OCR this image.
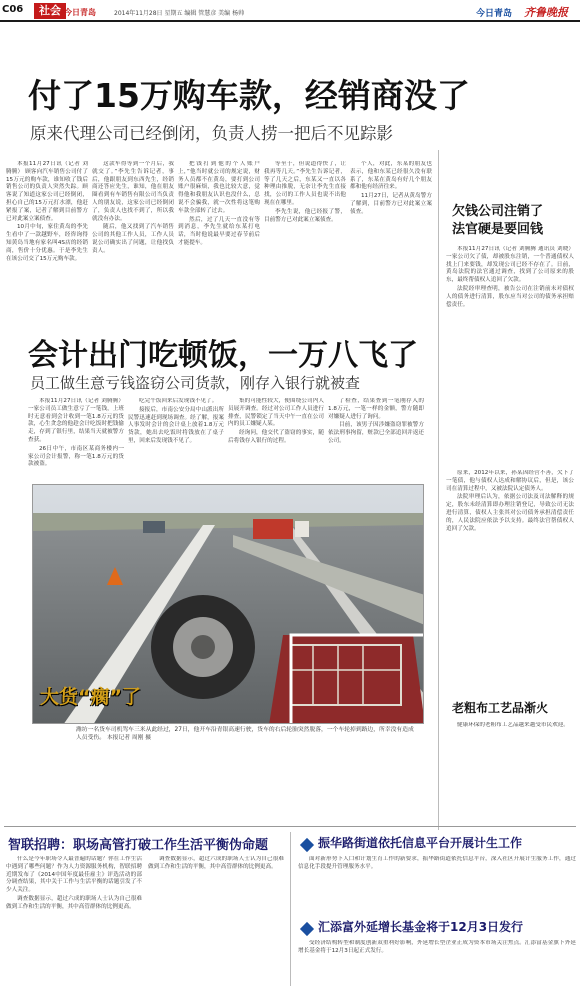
C06	社会 今日青岛	2014年11月28日 星期五 编辑 管慧彦 美编 杨帅	今日青岛 齐鲁晚报
付了15万购车款，经销商没了
原来代理公司已经倒闭，负责人捞一把后不见踪影

本报11月27日讯（记者 刘腾腾） 顾客向汽车销售公司付了15万元的购车款，谁知收了钱后销售公司的负责人突然失踪。顾客说了知道这家公司已经倒闭，担心自己的15万元打水漂，他赶紧报了案，记者了解到目前警方已对此案立案侦查。

10月中旬，家住黄岛的李先生看中了一款越野车，经咨询得知黄岛当地有家名叫4S店的经销商，售价十分优惠。于是李先生在该公司交了15万元购车款。

这款车得等到一个月后，我就交了。”李先生告诉记者，事后，他跟朋友到东西先生，经销商还答应先生，谁知，他在朋友圈看到有车销售有限公司当负责人的朋友说，这家公司已经倒闭了，负责人也找不到了，所以我就没有办法。

随后，他又找到了汽车销售公司的其他工作人员，工作人员说公司确实出了问题，让他找负责人。

把钱打到他的个人账户上，”他当时就公司的规定说，财务人员都不在黄岛，要打到公司账户很麻烦，我也比较大意，觉得他和我朋友认识也没什么，总说不会骗我，就一次性将这笔购车款全部转了过去。

然后，过了几天一直没有等到消息，李先生就给东某打电话，当时他说最早要过春节前后才能提车。

等至于，但说道得快了，让我再等几天。”李先生告诉记者，等了几天之后，东某又一直以各种理由推脱，无奈让李先生直接找，公司的工作人员也说不出他现在在哪里。

李先生说，他已经报了警，目前警方已对此案立案侦查。

个人，对此，东某的朋友也表示，他和东某已经很久没有联系了，东某在黄岛有好几个朋友都和他有经济往来。

11月27日，记者从黄岛警方了解到，目前警方已对此案立案侦查。	欠钱公司注销了
法官硬是要回钱

本报11月27日讯（记者 刘腾腾 通讯员 刘晓） 一家公司欠了债，却被股东注销，一个普通债权人找上门来要钱，却发现公司已经不存在了。日前，黄岛法院的法官通过调查，找到了公司原来的股东，最终帮债权人追回了欠款。

法院经审理查明，被告公司在注销前未对债权人的债务进行清算，股东应当对公司的债务承担赔偿责任。

会计出门吃顿饭，一万八飞了
员工做生意亏钱盗窃公司货款，刚存入银行就被查

本报11月27日讯（记者 刘腾腾） 一家公司员工做生意亏了一笔钱，上班时无意看到会计收到一笔1.8万元的货款，心生贪念的他趁会计吃饭时把钱偷走，存到了银行里，结果当天就被警方查获。

26日中午，市南区某商务楼内一家公司会计报警，称一笔1.8万元的货款被盗。

吃完午饭回来后发现钱不见了。

接报后，市南公安分局中山派出所民警迅速赶到现场调查。经了解，报案人事发时会计的会计桌上放着1.8万元货款，她出去吃饭时将钱放在了桌子里，回来后发现钱不见了。

集的可能性较大，便围绕公司内人员展开调查。经过对公司工作人员进行排查，民警锁定了当天中午一直在公司内的员工嫌疑人某。

经询问，他交代了盗窃的事实，随后将钱存入银行的过程。

了检查，结果查到一笔刚存入的1.8万元，一笔一样的金额，警方随即对嫌疑人进行了询问。

目前，该男子因涉嫌盗窃罪被警方依法刑事拘留，赃款已全部追回并返还公司。

原来，2012年以来，孙某因经营不善，欠下了一笔债，他与债权人达成和解协议后，但是，该公司在清算过程中，又被法院认定债务人。

法院审理后认为，依据公司法及司法解释的规定，股东未经清算即办理注销登记，导致公司无法进行清算，债权人主张其对公司债务承担清偿责任的，人民法院应依法予以支持。最终法官帮债权人追回了欠款。

老粗布工艺品渐火

健康环保的老粗布工艺品越来越受市民欢迎。

大货“瘸”了
潍坊一名货车司机驾车三米从此经过，27日，他开车沿青银高速行驶，货车的右后轮胎突然脱落，一个车轮掉到路边，所幸没有造成人员受伤。 本报记者 周刚 摄
智联招聘：职场高管打破工作生活平衡伪命题

什么是今年职场令人最普遍的话题？你在工作生活中遇到了哪些问题？作为人力资源服务机构，智联招聘近期发布了《2014中国年度最佳雇主》评选活动的部分调查结果，其中关于工作与生活平衡的话题引发了不少人关注。

调查数据显示，超过六成的职场人士认为自己很难做到工作和生活的平衡，其中高管群体的比例更高。

调查数据显示，超过六成的职场人士认为自己很难做到工作和生活的平衡，其中高管群体的比例更高。

振华路街道依托信息平台开展计生工作

面对新形势下人口和计划生育工作的新要求，振华路街道依托信息平台，深入社区开展计生服务工作，通过信息化手段提升管理服务水平。

汇添富外延增长基金将于12月3日发行

受经济结构转型和制度创新双重利好影响，外延增长型企业正成为资本市场关注焦点。汇添富基金旗下外延增长基金将于12月3日起正式发行。
